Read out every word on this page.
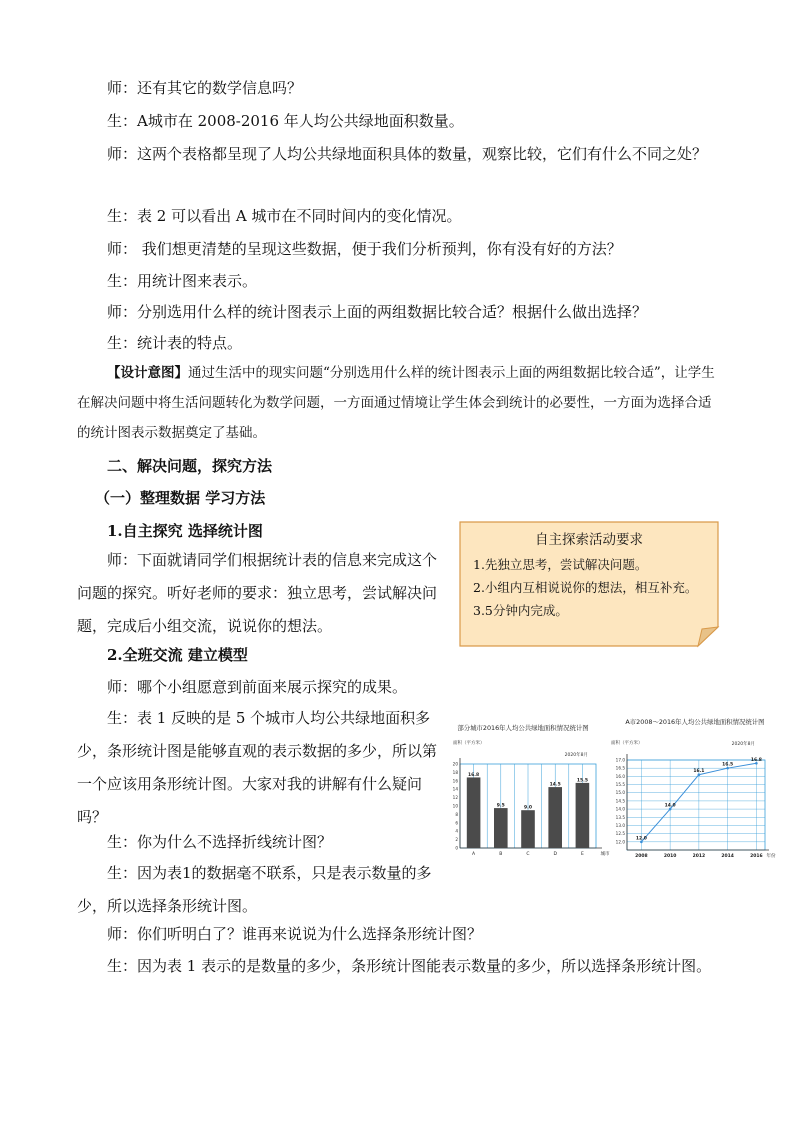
师：还有其它的数学信息吗？

生：A城市在 2008-2016 年人均公共绿地面积数量。

师：这两个表格都呈现了人均公共绿地面积具体的数量，观察比较，它们有什么不同之处？

生：表 2 可以看出 A 城市在不同时间内的变化情况。

师： 我们想更清楚的呈现这些数据，便于我们分析预判，你有没有好的方法？

生：用统计图来表示。

师：分别选用什么样的统计图表示上面的两组数据比较合适？根据什么做出选择？

生：统计表的特点。

【设计意图】通过生活中的现实问题“分别选用什么样的统计图表示上面的两组数据比较合适”，让学生在解决问题中将生活问题转化为数学问题，一方面通过情境让学生体会到统计的必要性，一方面为选择合适的统计图表示数据奠定了基础。

二、解决问题，探究方法

（一）整理数据 学习方法

1.自主探究 选择统计图

师：下面就请同学们根据统计表的信息来完成这个问题的探究。听好老师的要求：独立思考，尝试解决问题，完成后小组交流，说说你的想法。

2.全班交流 建立模型

师：哪个小组愿意到前面来展示探究的成果。

生：表 1 反映的是 5 个城市人均公共绿地面积多少，条形统计图是能够直观的表示数据的多少，所以第一个应该用条形统计图。大家对我的讲解有什么疑问吗？

生：你为什么不选择折线统计图？

生：因为表1的数据毫不联系，只是表示数量的多少，所以选择条形统计图。

师：你们听明白了？谁再来说说为什么选择条形统计图？

生：因为表 1 表示的是数量的多少，条形统计图能表示数量的多少，所以选择条形统计图。

自主探索活动要求
1.先独立思考，尝试解决问题。
2.小组内互相说说你的想法，相互补充。
3.5分钟内完成。
部分城市2016年人均公共绿地面积情况统计图
面积（平方米）
2020年8月
0
2
4
6
8
10
12
14
16
18
20
16.8
A
9.5
B
9.0
C
14.5
D
15.5
E	城市
A市2008～2016年人均公共绿地面积情况统计图
面积（平方米）	2020年8月
12.0
12.5
13.0
13.5
14.0
14.5
15.0
15.5
16.0
16.5
17.0
12.0
2008
14.0
2010
16.1
2012
16.5
2014
16.8
2016 年份
